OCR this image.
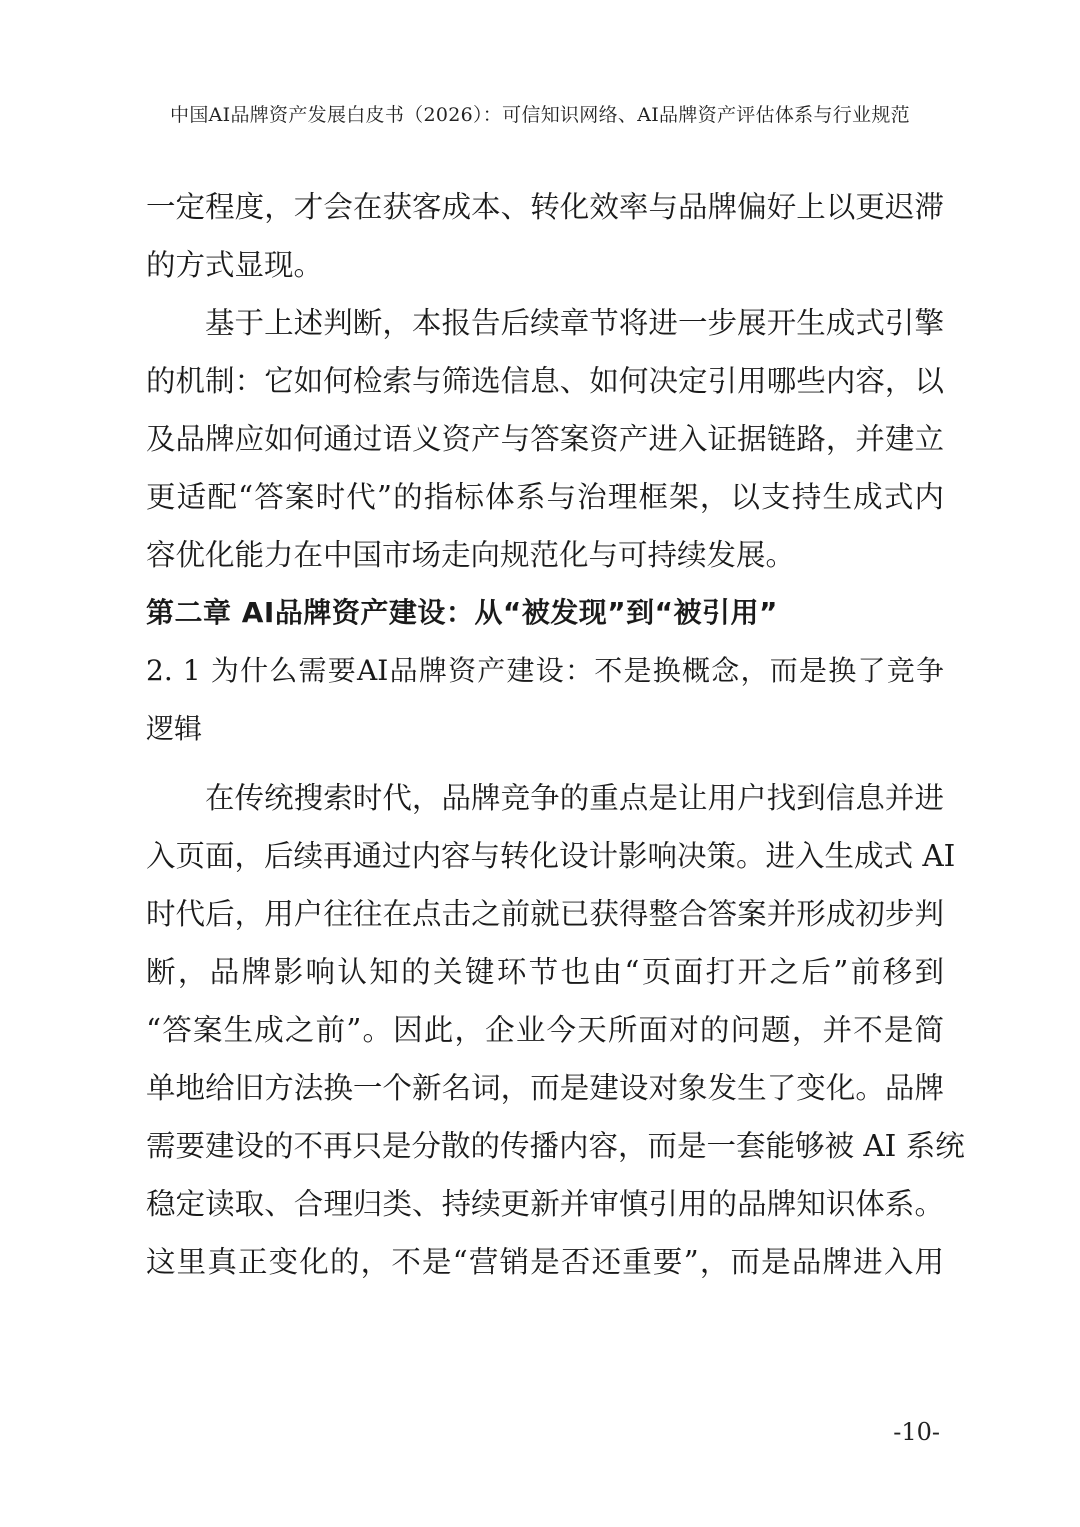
中国AI品牌资产发展白皮书（2026）：可信知识网络、AI品牌资产评估体系与行业规范
一定程度，才会在获客成本、转化效率与品牌偏好上以更迟滞
的方式显现。
基于上述判断，本报告后续章节将进一步展开生成式引擎
的机制：它如何检索与筛选信息、如何决定引用哪些内容，以
及品牌应如何通过语义资产与答案资产进入证据链路，并建立
更适配“答案时代”的指标体系与治理框架，以支持生成式内
容优化能力在中国市场走向规范化与可持续发展。
第二章 AI品牌资产建设：从“被发现”到“被引用”
2. 1 为什么需要AI品牌资产建设：不是换概念，而是换了竞争
逻辑
在传统搜索时代，品牌竞争的重点是让用户找到信息并进
入页面，后续再通过内容与转化设计影响决策。进入生成式 AI
时代后，用户往往在点击之前就已获得整合答案并形成初步判
断，品牌影响认知的关键环节也由“页面打开之后”前移到
“答案生成之前”。因此，企业今天所面对的问题，并不是简
单地给旧方法换一个新名词，而是建设对象发生了变化。品牌
需要建设的不再只是分散的传播内容，而是一套能够被 AI 系统
稳定读取、合理归类、持续更新并审慎引用的品牌知识体系。
这里真正变化的，不是“营销是否还重要”，而是品牌进入用
-10-
